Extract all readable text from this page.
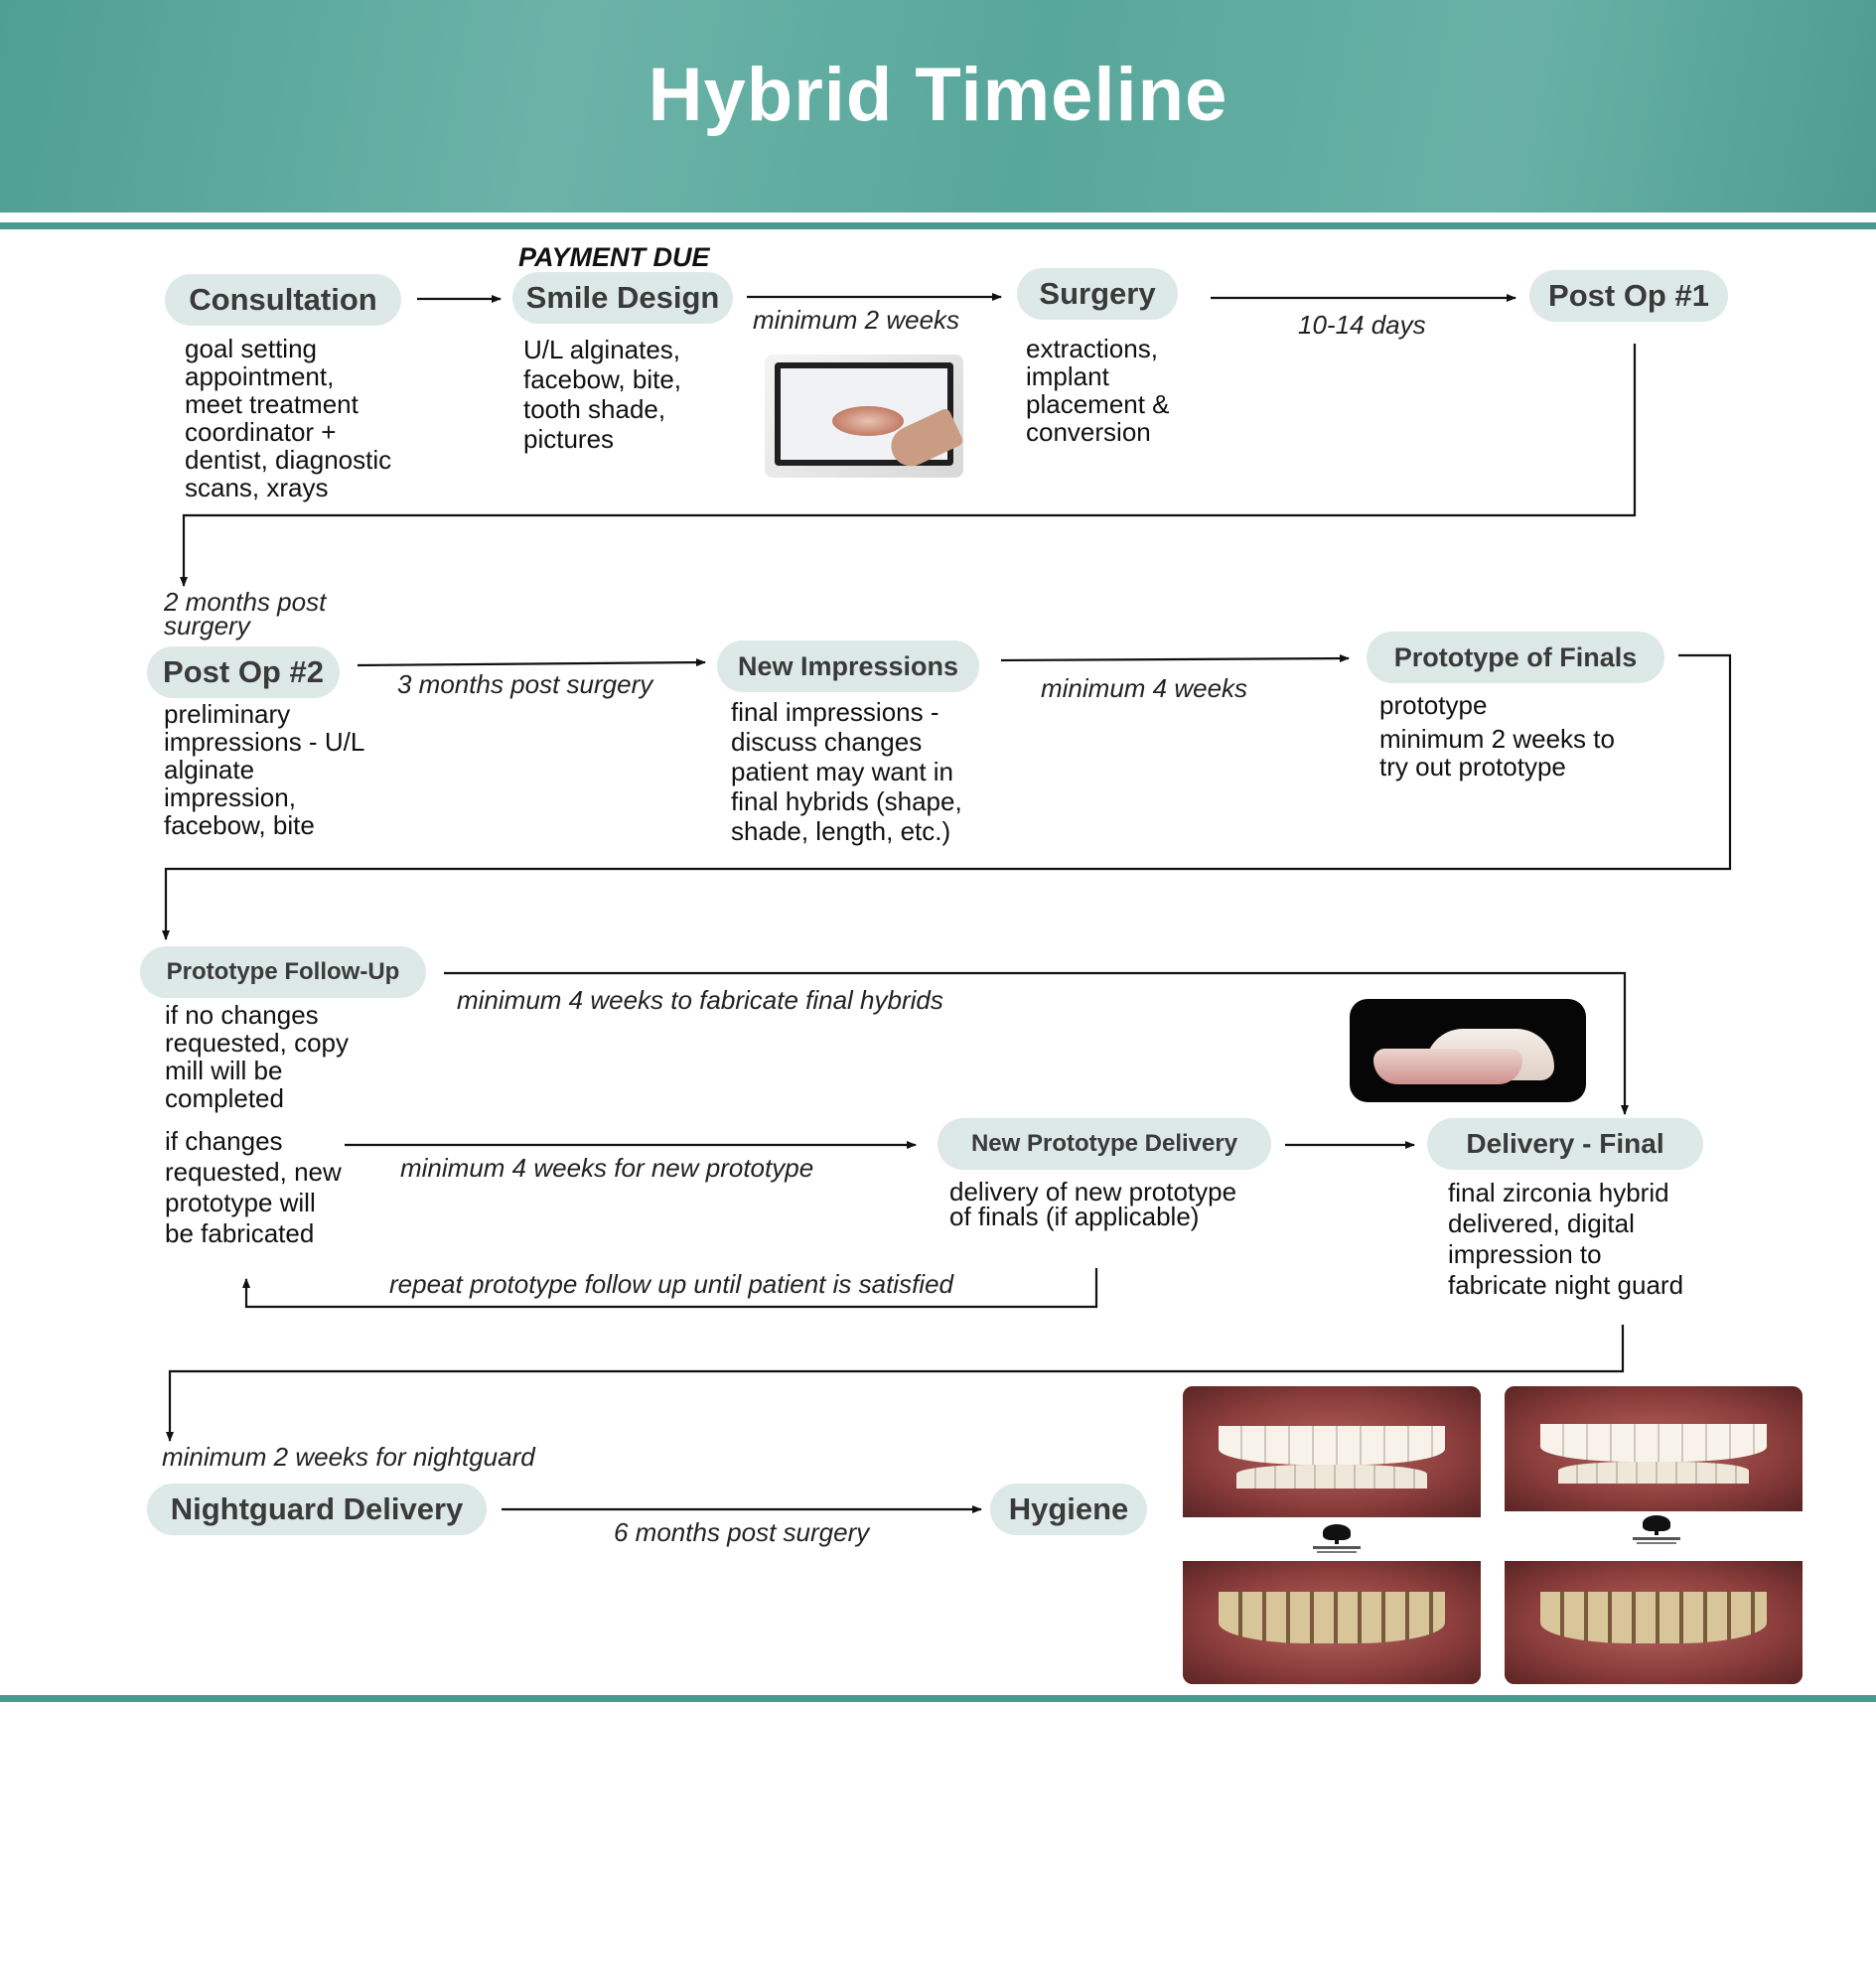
Hybrid Timeline
PAYMENT DUE
Consultation
goal setting
appointment,
meet treatment
coordinator +
dentist, diagnostic
scans, xrays
Smile Design
U/L alginates,
facebow, bite,
tooth shade,
pictures
minimum 2 weeks
Surgery
extractions,
implant
placement &
conversion
10-14 days
Post Op #1
2 months post
surgery
Post Op #2
preliminary
impressions - U/L
alginate
impression,
facebow, bite
3 months post surgery
New Impressions
final impressions -
discuss changes
patient may want in
final hybrids (shape,
shade, length, etc.)
minimum 4 weeks
Prototype of Finals
prototype
minimum 2 weeks to
try out prototype
Prototype Follow-Up
if no changes
requested, copy
mill will be
completed
if changes
requested, new
prototype will
be fabricated
minimum 4 weeks to fabricate final hybrids
minimum 4 weeks for new prototype
New Prototype Delivery
delivery of new prototype
of finals (if applicable)
repeat prototype follow up until patient is satisfied
Delivery - Final
final zirconia hybrid
delivered, digital
impression to
fabricate night guard
minimum 2 weeks for nightguard
Nightguard Delivery
6 months post surgery
Hygiene
